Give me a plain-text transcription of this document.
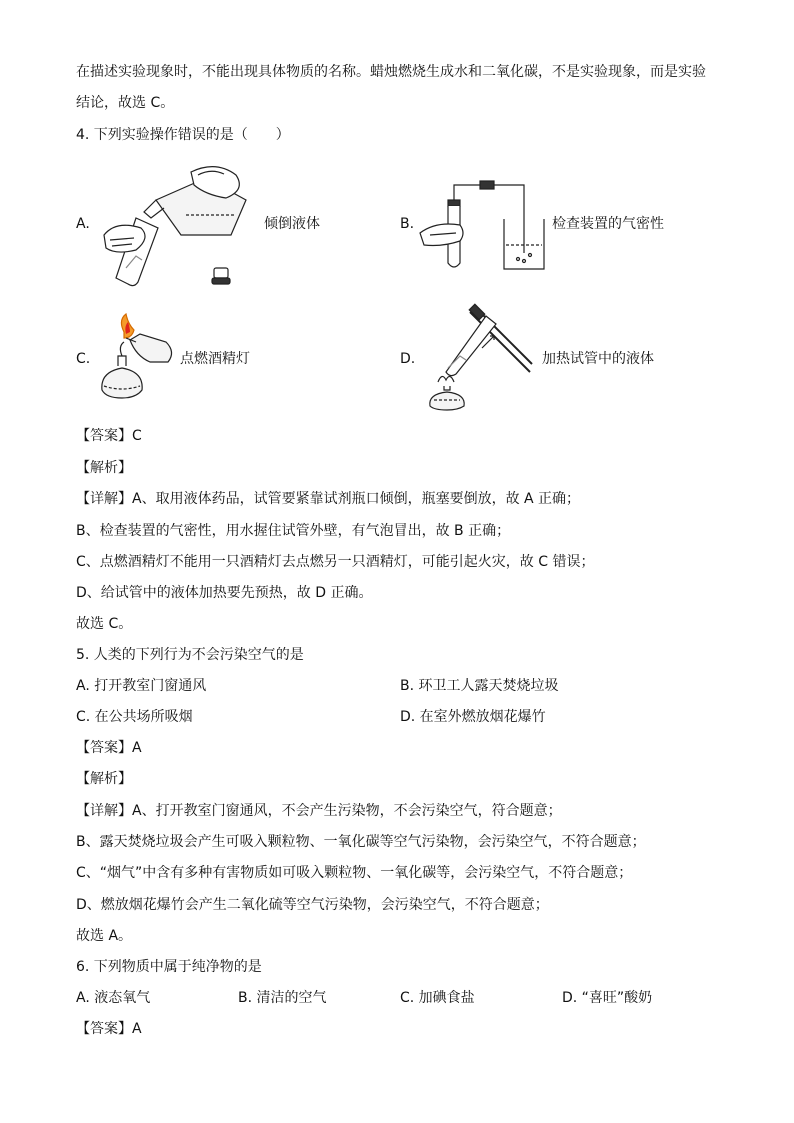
在描述实验现象时，不能出现具体物质的名称。蜡烛燃烧生成水和二氧化碳，不是实验现象，而是实验
结论，故选 C。
4. 下列实验操作错误的是（　　）
A.	倾倒液体	B.	检查装置的气密性
C.	点燃酒精灯	D.	加热试管中的液体
【答案】C
【解析】
【详解】A、取用液体药品，试管要紧靠试剂瓶口倾倒，瓶塞要倒放，故 A 正确；
B、检查装置的气密性，用水握住试管外壁，有气泡冒出，故 B 正确；
C、点燃酒精灯不能用一只酒精灯去点燃另一只酒精灯，可能引起火灾，故 C 错误；
D、给试管中的液体加热要先预热，故 D 正确。
故选 C。
5. 人类的下列行为不会污染空气的是
A. 打开教室门窗通风	B. 环卫工人露天焚烧垃圾
C. 在公共场所吸烟	D. 在室外燃放烟花爆竹
【答案】A
【解析】
【详解】A、打开教室门窗通风，不会产生污染物，不会污染空气，符合题意；
B、露天焚烧垃圾会产生可吸入颗粒物、一氧化碳等空气污染物，会污染空气，不符合题意；
C、“烟气”中含有多种有害物质如可吸入颗粒物、一氧化碳等，会污染空气，不符合题意；
D、燃放烟花爆竹会产生二氧化硫等空气污染物，会污染空气，不符合题意；
故选 A。
6. 下列物质中属于纯净物的是
A. 液态氧气	B. 清洁的空气	C. 加碘食盐	D. “喜旺”酸奶
【答案】A
